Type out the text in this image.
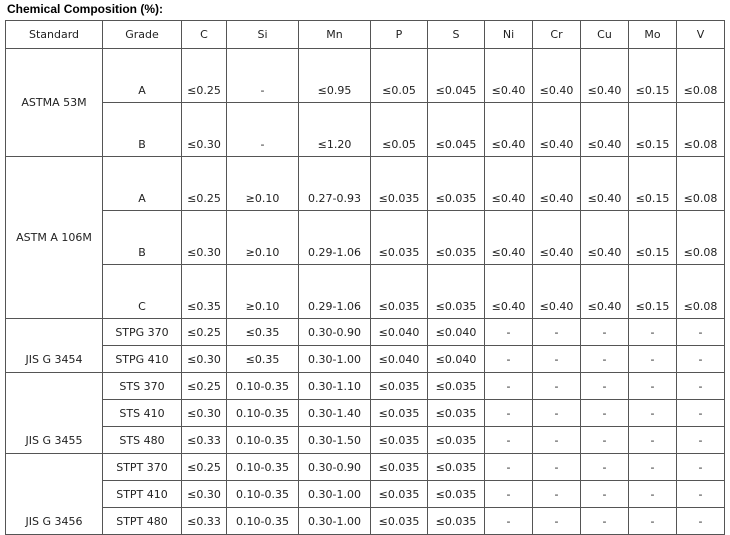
Chemical Composition (%):
Standard	Grade	C	Si	Mn	P	S	Ni	Cr	Cu	Mo	V
ASTMA 53M	A	≤0.25	-	≤0.95	≤0.05	≤0.045	≤0.40	≤0.40	≤0.40	≤0.15	≤0.08
	B	≤0.30	-	≤1.20	≤0.05	≤0.045	≤0.40	≤0.40	≤0.40	≤0.15	≤0.08
ASTM A 106M	A	≤0.25	≥0.10	0.27-0.93	≤0.035	≤0.035	≤0.40	≤0.40	≤0.40	≤0.15	≤0.08
	B	≤0.30	≥0.10	0.29-1.06	≤0.035	≤0.035	≤0.40	≤0.40	≤0.40	≤0.15	≤0.08
	C	≤0.35	≥0.10	0.29-1.06	≤0.035	≤0.035	≤0.40	≤0.40	≤0.40	≤0.15	≤0.08
JIS G 3454	STPG 370	≤0.25	≤0.35	0.30-0.90	≤0.040	≤0.040	-	-	-	-	-
	STPG 410	≤0.30	≤0.35	0.30-1.00	≤0.040	≤0.040	-	-	-	-	-
JIS G 3455	STS 370	≤0.25	0.10-0.35	0.30-1.10	≤0.035	≤0.035	-	-	-	-	-
	STS 410	≤0.30	0.10-0.35	0.30-1.40	≤0.035	≤0.035	-	-	-	-	-
	STS 480	≤0.33	0.10-0.35	0.30-1.50	≤0.035	≤0.035	-	-	-	-	-
JIS G 3456	STPT 370	≤0.25	0.10-0.35	0.30-0.90	≤0.035	≤0.035	-	-	-	-	-
	STPT 410	≤0.30	0.10-0.35	0.30-1.00	≤0.035	≤0.035	-	-	-	-	-
	STPT 480	≤0.33	0.10-0.35	0.30-1.00	≤0.035	≤0.035	-	-	-	-	-
